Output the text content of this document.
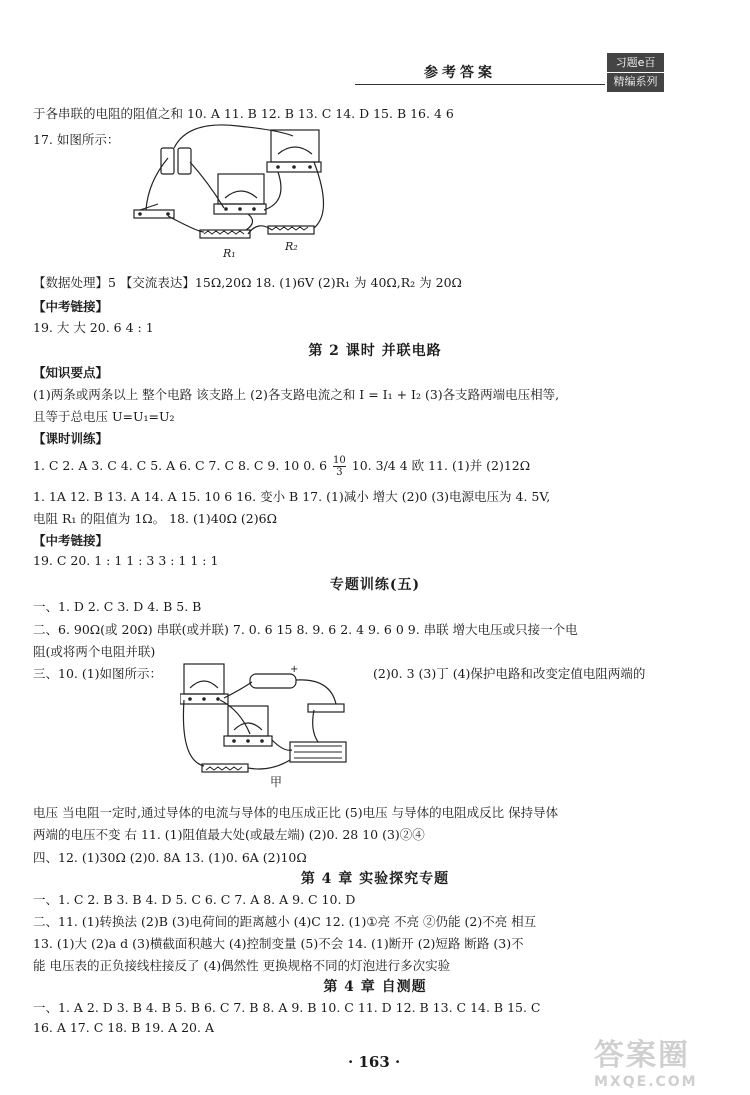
参考答案
习题e百
精编系列
于各串联的电阻的阻值之和 10. A 11. B 12. B 13. C 14. D 15. B 16. 4 6
17. 如图所示：
R₁
R₂
【数据处理】5 【交流表达】15Ω,20Ω 18. (1)6V (2)R₁ 为 40Ω,R₂ 为 20Ω
【中考链接】
19. 大 大 20. 6 4 : 1
第 2 课时 并联电路
【知识要点】
(1)两条或两条以上 整个电路 该支路上 (2)各支路电流之和 I = I₁ + I₂ (3)各支路两端电压相等,
且等于总电压 U=U₁=U₂
【课时训练】
1. C 2. A 3. C 4. C 5. A 6. C 7. C 8. C 9. 10 0. $6 \frac{10}{3} 10$. 3/4 4 欧 11. (1)并 (2)12Ω
1. 1A 12. B 13. A 14. A 15. 10 6 16. 变小 B 17. (1)减小 增大 (2)0 (3)电源电压为 4. 5V,
电阻 R₁ 的阻值为 1Ω。 18. (1)40Ω (2)6Ω
【中考链接】
19. C 20. 1 : 1 1 : 3 3 : 1 1 : 1
专题训练(五)
一、1. D 2. C 3. D 4. B 5. B
二、6. 90Ω(或 20Ω) 串联(或并联) 7. 0. 6 15 8. 9. 6 2. 4 9. 6 0 9. 串联 增大电压或只接一个电
阻(或将两个电阻并联)
三、10. (1)如图所示：	(2)0. 3 (3)丁 (4)保护电路和改变定值电阻两端的
+
甲
电压 当电阻一定时,通过导体的电流与导体的电压成正比 (5)电压 与导体的电阻成反比 保持导体
两端的电压不变 右 11. (1)阻值最大处(或最左端) (2)0. 28 10 (3)②④
四、12. (1)30Ω (2)0. 8A 13. (1)0. 6A (2)10Ω
第 4 章 实验探究专题
一、1. C 2. B 3. B 4. D 5. C 6. C 7. A 8. A 9. C 10. D
二、11. (1)转换法 (2)B (3)电荷间的距离越小 (4)C 12. (1)①亮 不亮 ②仍能 (2)不亮 相互
13. (1)大 (2)a d (3)横截面积越大 (4)控制变量 (5)不会 14. (1)断开 (2)短路 断路 (3)不
能 电压表的正负接线柱接反了 (4)偶然性 更换规格不同的灯泡进行多次实验
第 4 章 自测题
一、1. A 2. D 3. B 4. B 5. B 6. C 7. B 8. A 9. B 10. C 11. D 12. B 13. C 14. B 15. C
16. A 17. C 18. B 19. A 20. A
· 163 ·	答案圈
MXQE.COM
